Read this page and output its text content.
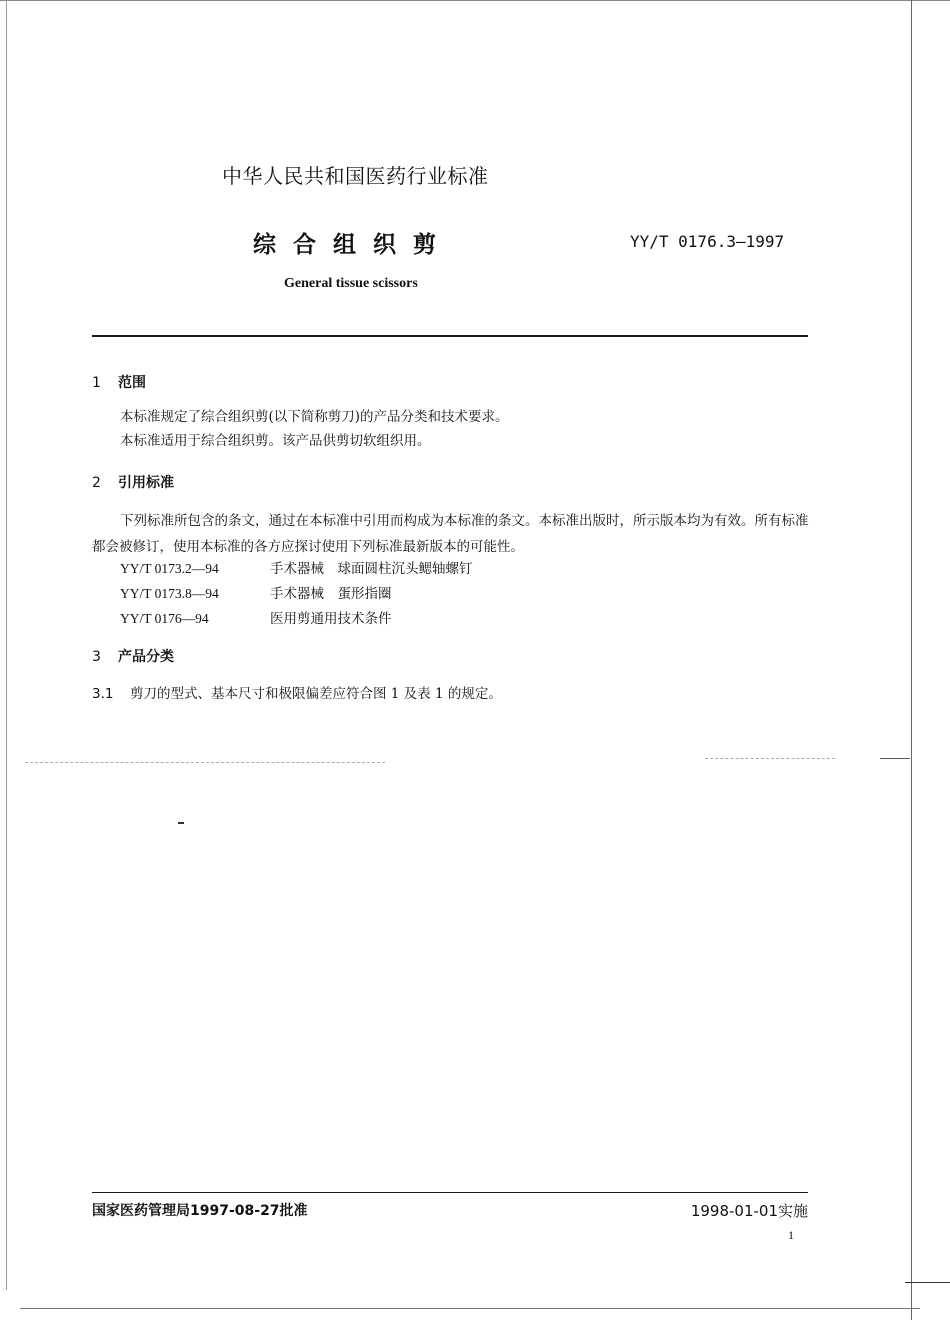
中华人民共和国医药行业标准
综合组织剪	YY/T 0176.3—1997
General tissue scissors
1 范围
本标准规定了综合组织剪(以下简称剪刀)的产品分类和技术要求。
本标准适用于综合组织剪。该产品供剪切软组织用。
2 引用标准
下列标准所包含的条文，通过在本标准中引用而构成为本标准的条文。本标准出版时，所示版本均为有效。所有标准都会被修订，使用本标准的各方应探讨使用下列标准最新版本的可能性。
YY/T 0173.2—94	手术器械　球面圆柱沉头鳃轴螺钉
YY/T 0173.8—94	手术器械　蛋形指圈
YY/T 0176—94	医用剪通用技术条件
3 产品分类
3.1 剪刀的型式、基本尺寸和极限偏差应符合图 1 及表 1 的规定。
国家医药管理局1997-08-27批准	1998-01-01实施
1
